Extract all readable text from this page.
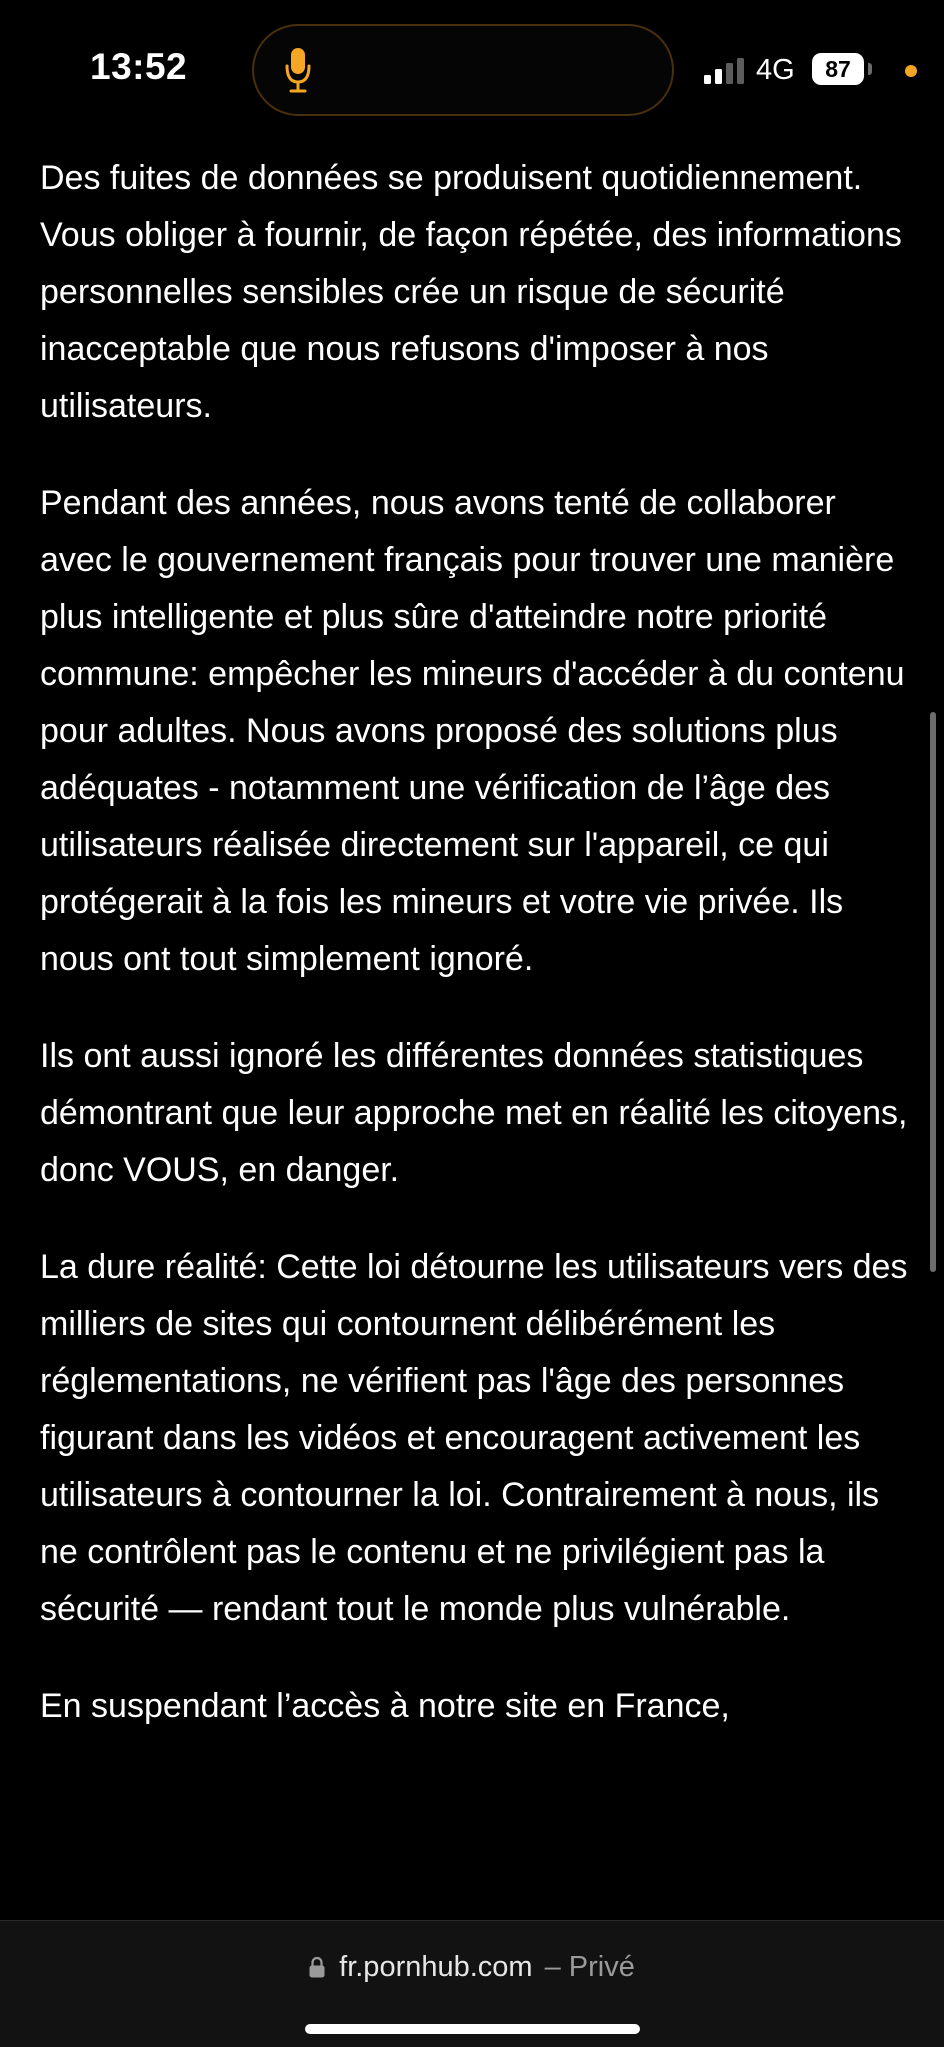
13:52	4G	87

Des fuites de données se produisent quotidiennement. Vous obliger à fournir, de façon répétée, des informations personnelles sensibles crée un risque de sécurité inacceptable que nous refusons d'imposer à nos utilisateurs.

Pendant des années, nous avons tenté de collaborer avec le gouvernement français pour trouver une manière plus intelligente et plus sûre d'atteindre notre priorité commune: empêcher les mineurs d'accéder à du contenu pour adultes. Nous avons proposé des solutions plus adéquates - notamment une vérification de l’âge des utilisateurs réalisée directement sur l'appareil, ce qui protégerait à la fois les mineurs et votre vie privée. Ils nous ont tout simplement ignoré.

Ils ont aussi ignoré les différentes données statistiques démontrant que leur approche met en réalité les citoyens, donc VOUS, en danger.

La dure réalité: Cette loi détourne les utilisateurs vers des milliers de sites qui contournent délibérément les réglementations, ne vérifient pas l'âge des personnes figurant dans les vidéos et encouragent activement les utilisateurs à contourner la loi. Contrairement à nous, ils ne contrôlent pas le contenu et ne privilégient pas la sécurité — rendant tout le monde plus vulnérable.

En suspendant l’accès à notre site en France,

fr.pornhub.com – Privé
